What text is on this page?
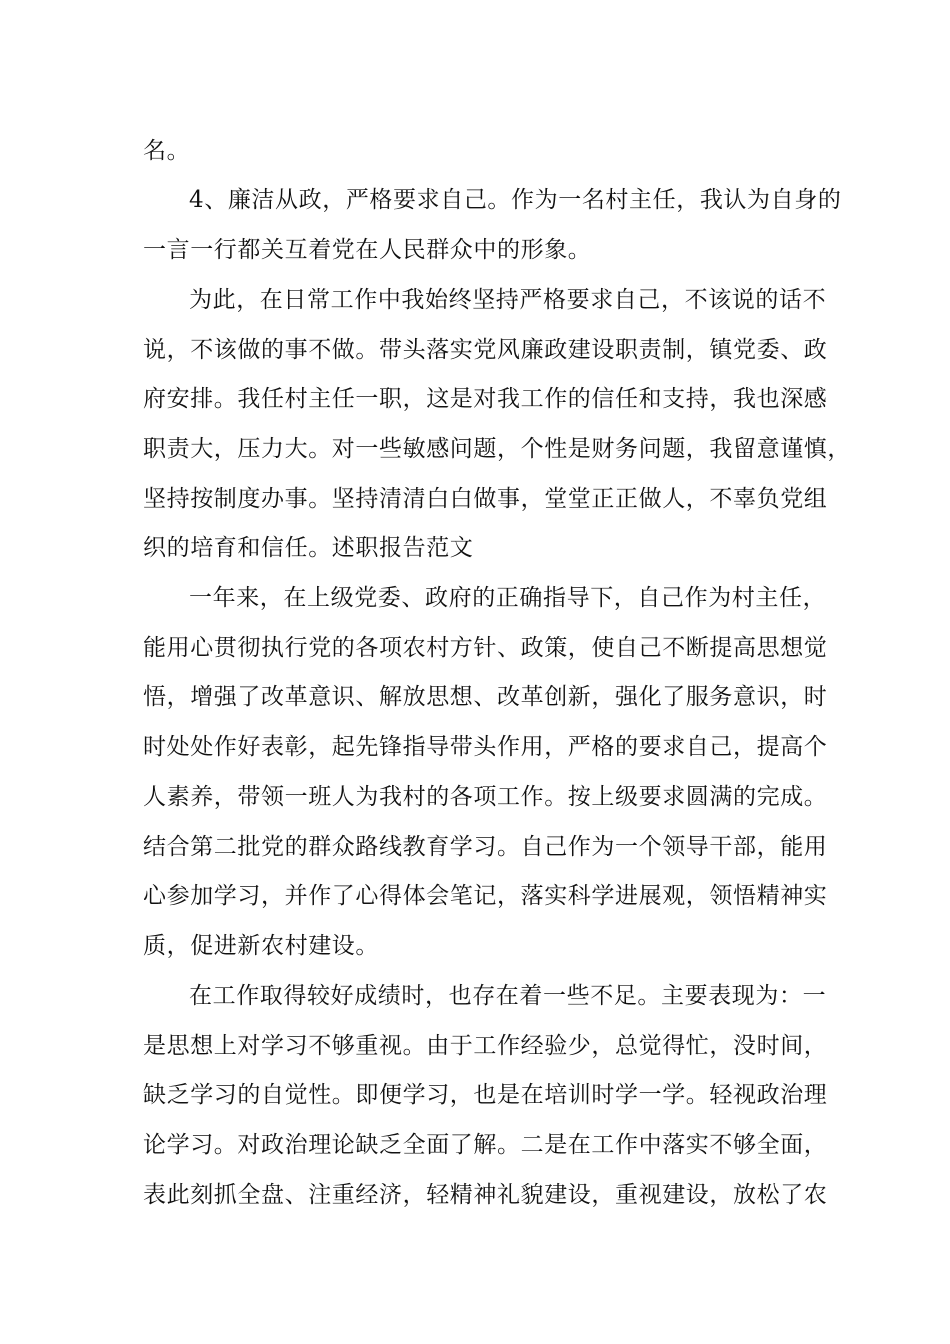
名。
4、廉洁从政，严格要求自己。作为一名村主任，我认为自身的
一言一行都关互着党在人民群众中的形象。
为此，在日常工作中我始终坚持严格要求自己，不该说的话不
说，不该做的事不做。带头落实党风廉政建设职责制，镇党委、政
府安排。我任村主任一职，这是对我工作的信任和支持，我也深感
职责大，压力大。对一些敏感问题，个性是财务问题，我留意谨慎，
坚持按制度办事。坚持清清白白做事，堂堂正正做人，不辜负党组
织的培育和信任。述职报告范文
一年来，在上级党委、政府的正确指导下，自己作为村主任，
能用心贯彻执行党的各项农村方针、政策，使自己不断提高思想觉
悟，增强了改革意识、解放思想、改革创新，强化了服务意识，时
时处处作好表彰，起先锋指导带头作用，严格的要求自己，提高个
人素养，带领一班人为我村的各项工作。按上级要求圆满的完成。
结合第二批党的群众路线教育学习。自己作为一个领导干部，能用
心参加学习，并作了心得体会笔记，落实科学进展观，领悟精神实
质，促进新农村建设。
在工作取得较好成绩时，也存在着一些不足。主要表现为：一
是思想上对学习不够重视。由于工作经验少，总觉得忙，没时间，
缺乏学习的自觉性。即便学习，也是在培训时学一学。轻视政治理
论学习。对政治理论缺乏全面了解。二是在工作中落实不够全面，
表此刻抓全盘、注重经济，轻精神礼貌建设，重视建设，放松了农
